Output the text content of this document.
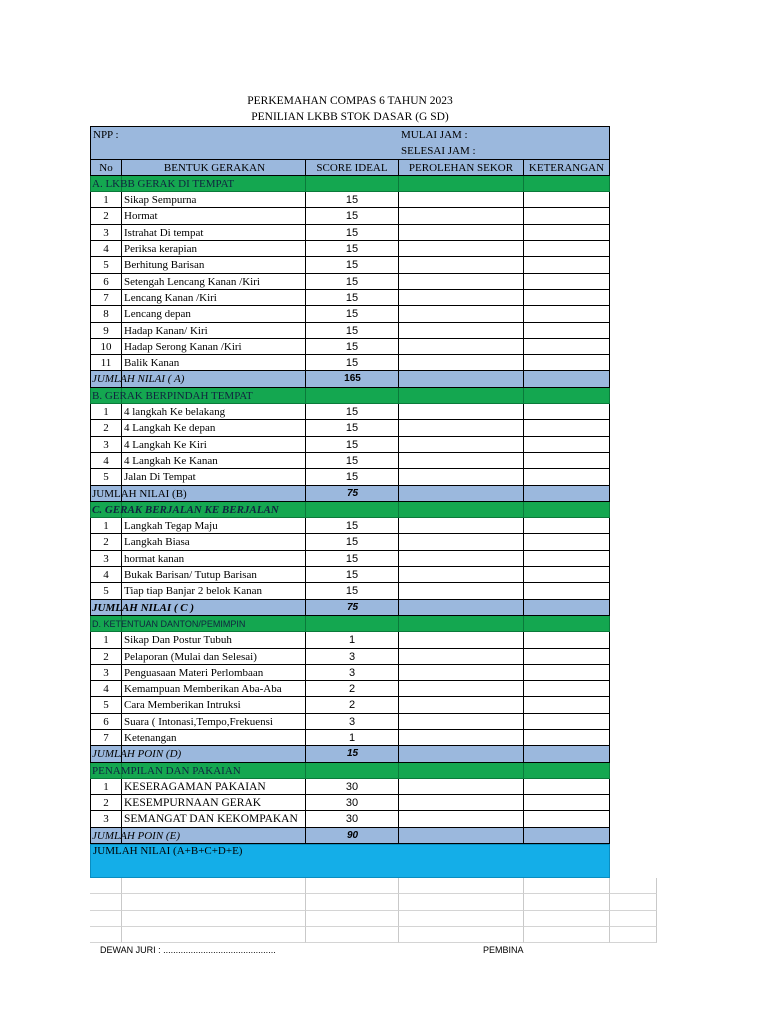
PERKEMAHAN COMPAS 6 TAHUN 2023
PENILIAN LKBB STOK DASAR (G SD)
NPP :	MULAI JAM :
SELESAI JAM :
No	BENTUK GERAKAN	SCORE IDEAL	PEROLEHAN SEKOR	KETERANGAN
A. LKBB GERAK DI TEMPAT
1	Sikap Sempurna	15
2	Hormat	15
3	Istrahat Di tempat	15
4	Periksa kerapian	15
5	Berhitung Barisan	15
6	Setengah Lencang Kanan /Kiri	15
7	Lencang Kanan /Kiri	15
8	Lencang depan	15
9	Hadap Kanan/ Kiri	15
10	Hadap Serong Kanan /Kiri	15
11	Balik Kanan	15
JUMLAH NILAI ( A)	165
B. GERAK BERPINDAH TEMPAT
1	4 langkah Ke belakang	15
2	4 Langkah Ke depan	15
3	4 Langkah Ke Kiri	15
4	4 Langkah Ke Kanan	15
5	Jalan Di Tempat	15
JUMLAH NILAI (B)	75
C. GERAK BERJALAN KE BERJALAN
1	Langkah Tegap Maju	15
2	Langkah Biasa	15
3	hormat kanan	15
4	Bukak Barisan/ Tutup Barisan	15
5	Tiap tiap Banjar 2 belok Kanan	15
JUMLAH NILAI ( C )	75
D. KETENTUAN DANTON/PEMIMPIN
1	Sikap Dan Postur Tubuh	1
2	Pelaporan (Mulai dan Selesai)	3
3	Penguasaan Materi Perlombaan	3
4	Kemampuan Memberikan Aba-Aba	2
5	Cara Memberikan Intruksi	2
6	Suara ( Intonasi,Tempo,Frekuensi	3
7	Ketenangan	1
JUMLAH POIN (D)	15
PENAMPILAN DAN PAKAIAN
1	KESERAGAMAN PAKAIAN	30
2	KESEMPURNAAN GERAK	30
3	SEMANGAT DAN KEKOMPAKAN	30
JUMLAH POIN (E)	90
JUMLAH NILAI (A+B+C+D+E)
DEWAN JURI : .............................................	PEMBINA
